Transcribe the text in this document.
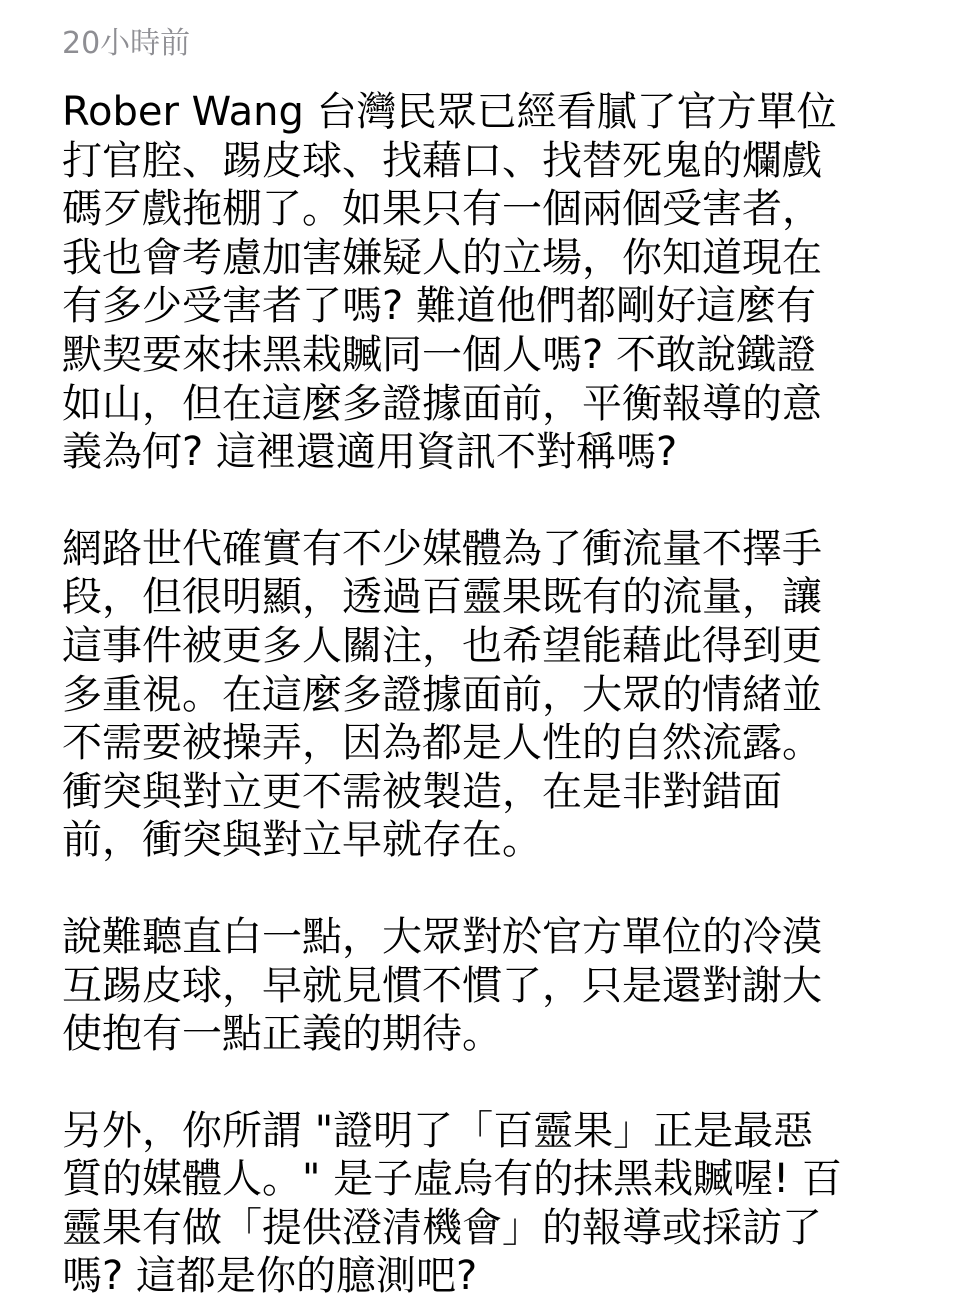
20小時前

Rober Wang 台灣民眾已經看膩了官方單位
打官腔、踢皮球、找藉口、找替死鬼的爛戲
碼歹戲拖棚了。如果只有一個兩個受害者，
我也會考慮加害嫌疑人的立場，你知道現在
有多少受害者了嗎? 難道他們都剛好這麼有
默契要來抹黑栽贓同一個人嗎? 不敢說鐵證
如山，但在這麼多證據面前，平衡報導的意
義為何? 這裡還適用資訊不對稱嗎?

網路世代確實有不少媒體為了衝流量不擇手
段，但很明顯，透過百靈果既有的流量，讓
這事件被更多人關注，也希望能藉此得到更
多重視。在這麼多證據面前，大眾的情緒並
不需要被操弄，因為都是人性的自然流露。
衝突與對立更不需被製造，在是非對錯面
前，衝突與對立早就存在。

說難聽直白一點，大眾對於官方單位的冷漠
互踢皮球，早就見慣不慣了，只是還對謝大
使抱有一點正義的期待。

另外，你所謂 "證明了「百靈果」正是最惡
質的媒體人。" 是子虛烏有的抹黑栽贓喔! 百
靈果有做「提供澄清機會」的報導或採訪了
嗎? 這都是你的臆測吧?
